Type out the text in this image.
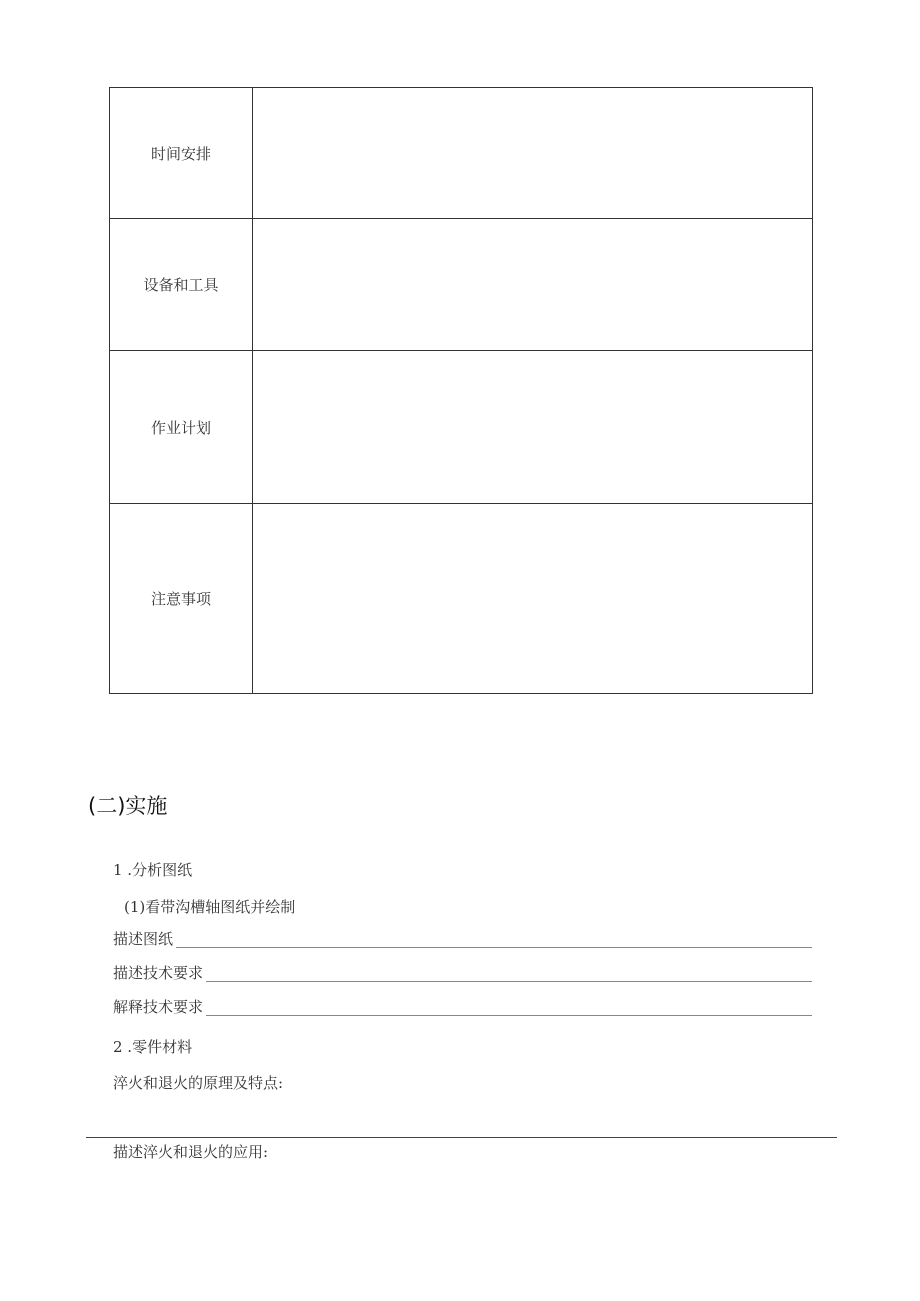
时间安排	
设备和工具	
作业计划	
注意事项	
(二)实施
1 .分析图纸
(1)看带沟槽轴图纸并绘制
描述图纸
描述技术要求
解释技术要求
2 .零件材料
淬火和退火的原理及特点:
描述淬火和退火的应用:
